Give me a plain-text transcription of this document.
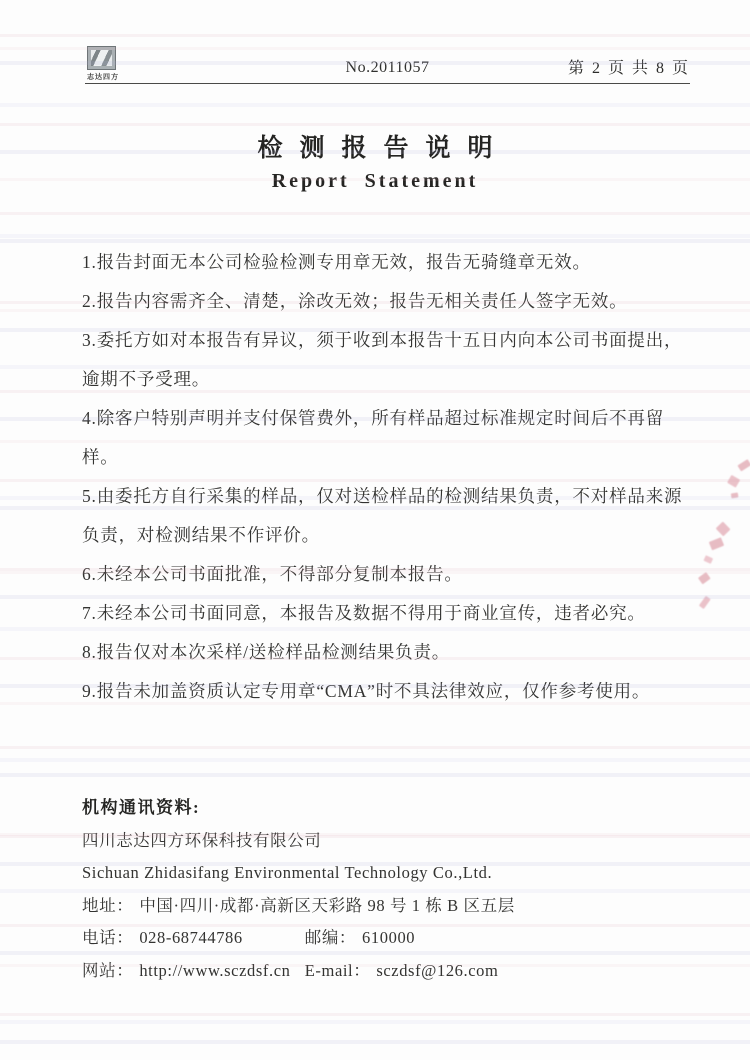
志达四方
No.2011057	第 2 页 共 8 页
检测报告说明
Report Statement

1.报告封面无本公司检验检测专用章无效，报告无骑缝章无效。

2.报告内容需齐全、清楚，涂改无效；报告无相关责任人签字无效。

3.委托方如对本报告有异议，须于收到本报告十五日内向本公司书面提出，
逾期不予受理。

4.除客户特别声明并支付保管费外，所有样品超过标准规定时间后不再留
样。

5.由委托方自行采集的样品，仅对送检样品的检测结果负责，不对样品来源
负责，对检测结果不作评价。

6.未经本公司书面批准，不得部分复制本报告。

7.未经本公司书面同意，本报告及数据不得用于商业宣传，违者必究。

8.报告仅对本次采样/送检样品检测结果负责。

9.报告未加盖资质认定专用章“CMA”时不具法律效应，仅作参考使用。

机构通讯资料:
四川志达四方环保科技有限公司
Sichuan Zhidasifang Environmental Technology Co.,Ltd.
地址： 中国·四川·成都·高新区天彩路 98 号 1 栋 B 区五层
电话： 028-68744786	邮编： 610000
网站： http://www.sczdsf.cn E-mail： sczdsf@126.com
